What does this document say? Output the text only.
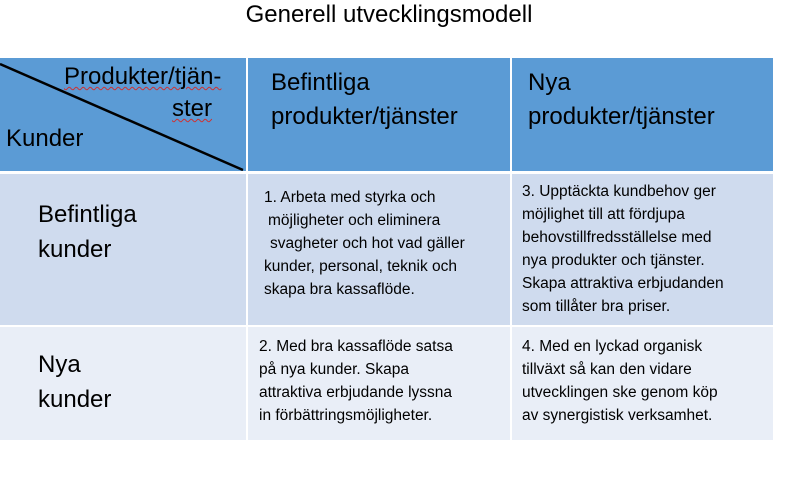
Generell utvecklingsmodell
Produkter/tjän-
ster
Kunder
Befintliga
produkter/tjänster
Nya
produkter/tjänster
Befintliga
kunder
1. Arbeta med styrka och
möjligheter och eliminera
svagheter och hot vad gäller
kunder, personal, teknik och
skapa bra kassaflöde.
3. Upptäckta kundbehov ger
möjlighet till att fördjupa
behovstillfredsställelse med
nya produkter och tjänster.
Skapa attraktiva erbjudanden
som tillåter bra priser.
Nya
kunder
2. Med bra kassaflöde satsa
på nya kunder. Skapa
attraktiva erbjudande lyssna
in förbättringsmöjligheter.
4. Med en lyckad organisk
tillväxt så kan den vidare
utvecklingen ske genom köp
av synergistisk verksamhet.
